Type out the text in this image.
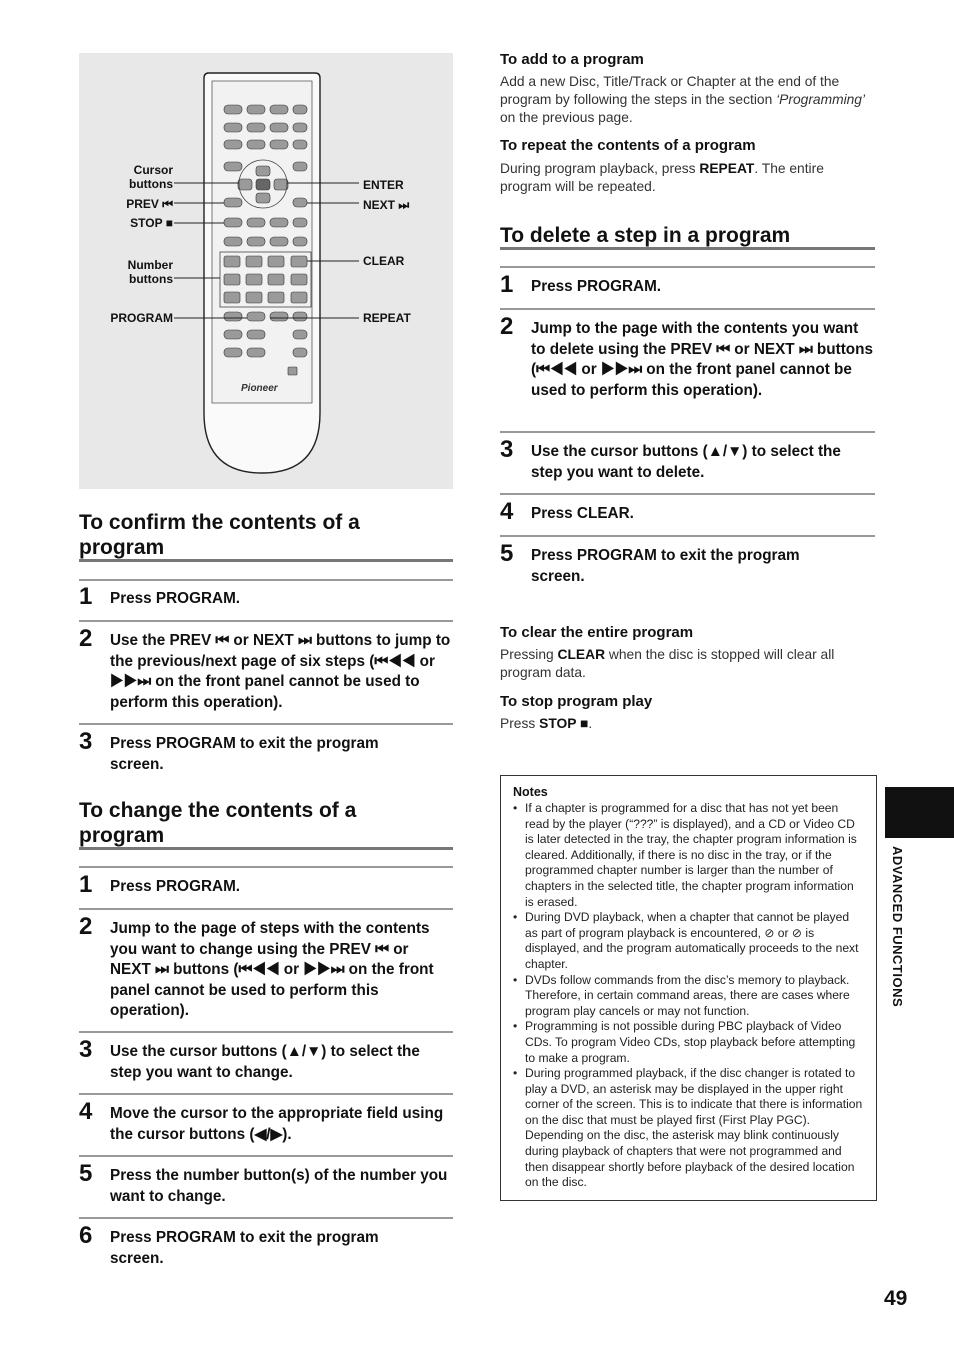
Pioneer
Cursor buttons
PREV ⏮
STOP ■
Number buttons
PROGRAM
ENTER
NEXT ⏭
CLEAR
REPEAT
To confirm the contents of a program
1 Press PROGRAM.
2 Use the PREV ⏮ or NEXT ⏭ buttons to jump to the previous/next page of six steps (⏮◀◀ or ▶▶⏭ on the front panel cannot be used to perform this operation).
3 Press PROGRAM to exit the program screen.
To change the contents of a program
1 Press PROGRAM.
2 Jump to the page of steps with the contents you want to change using the PREV ⏮ or NEXT ⏭ buttons (⏮◀◀ or ▶▶⏭ on the front panel cannot be used to perform this operation).
3 Use the cursor buttons (▲/▼) to select the step you want to change.
4 Move the cursor to the appropriate field using the cursor buttons (◀/▶).
5 Press the number button(s) of the number you want to change.
6 Press PROGRAM to exit the program screen.
To add to a program
Add a new Disc, Title/Track or Chapter at the end of the program by following the steps in the section ‘Programming’ on the previous page.
To repeat the contents of a program
During program playback, press REPEAT. The entire program will be repeated.
To delete a step in a program
1 Press PROGRAM.
2 Jump to the page with the contents you want to delete using the PREV ⏮ or NEXT ⏭ buttons (⏮◀◀ or ▶▶⏭ on the front panel cannot be used to perform this operation).
3 Use the cursor buttons (▲/▼) to select the step you want to delete.
4 Press CLEAR.
5 Press PROGRAM to exit the program screen.
To clear the entire program
Pressing CLEAR when the disc is stopped will clear all program data.
To stop program play
Press STOP ■.
Notes

• If a chapter is programmed for a disc that has not yet been read by the player (“???” is displayed), and a CD or Video CD is later detected in the tray, the chapter program information is cleared. Additionally, if there is no disc in the tray, or if the programmed chapter number is larger than the number of chapters in the selected title, the chapter program information is erased.

• During DVD playback, when a chapter that cannot be played as part of program playback is encountered, ⊘ or ⊘ is displayed, and the program automatically proceeds to the next chapter.

• DVDs follow commands from the disc’s memory to playback. Therefore, in certain command areas, there are cases where program play cancels or may not function.

• Programming is not possible during PBC playback of Video CDs. To program Video CDs, stop playback before attempting to make a program.

• During programmed playback, if the disc changer is rotated to play a DVD, an asterisk may be displayed in the upper right corner of the screen. This is to indicate that there is information on the disc that must be played first (First Play PGC). Depending on the disc, the asterisk may blink continuously during playback of chapters that were not programmed and then disappear shortly before playback of the desired location on the disc.

ADVANCED FUNCTIONS
49
